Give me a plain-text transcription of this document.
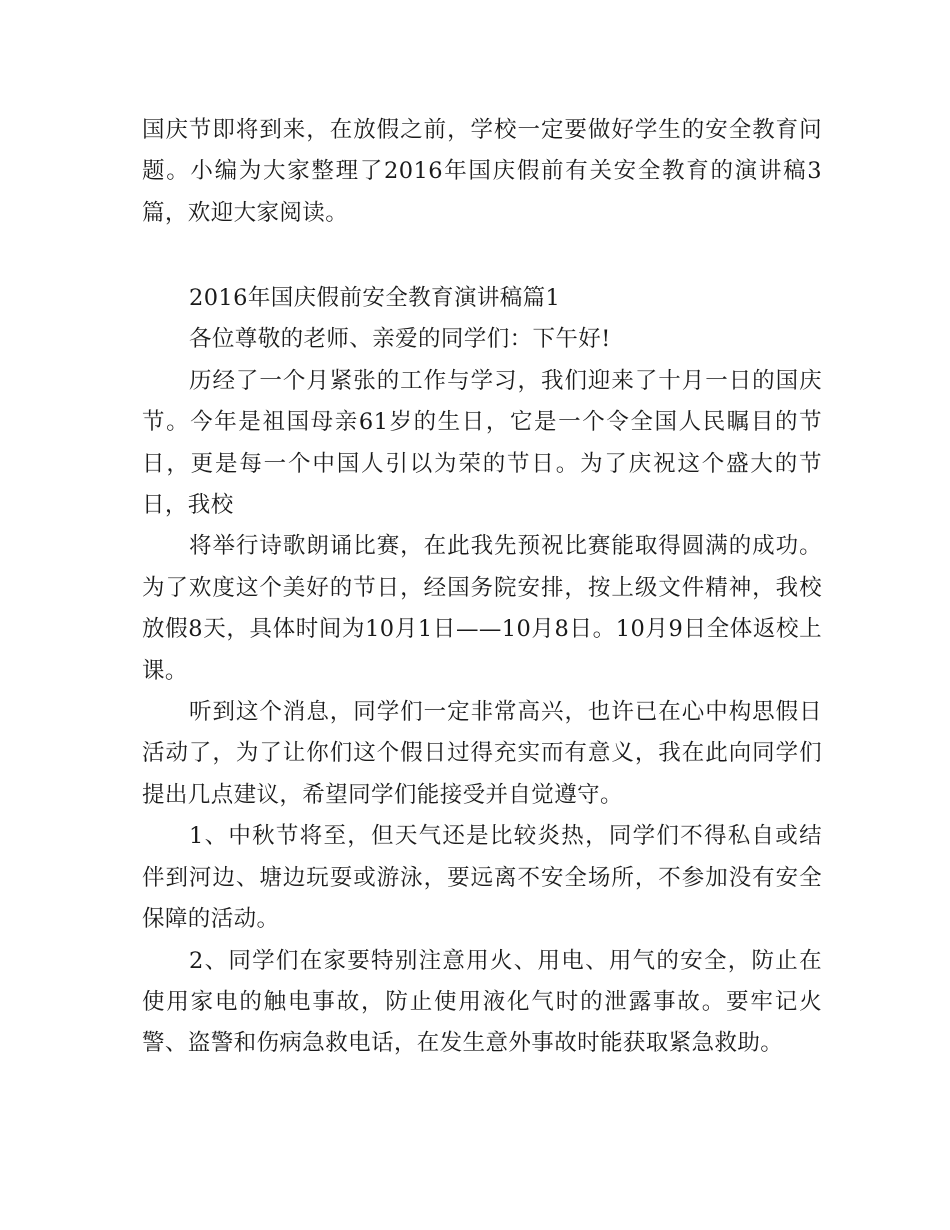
国庆节即将到来，在放假之前，学校一定要做好学生的安全教育问题。小编为大家整理了2016年国庆假前有关安全教育的演讲稿3篇，欢迎大家阅读。

2016年国庆假前安全教育演讲稿篇1

各位尊敬的老师、亲爱的同学们：下午好!

历经了一个月紧张的工作与学习，我们迎来了十月一日的国庆节。今年是祖国母亲61岁的生日，它是一个令全国人民瞩目的节日，更是每一个中国人引以为荣的节日。为了庆祝这个盛大的节日，我校

将举行诗歌朗诵比赛，在此我先预祝比赛能取得圆满的成功。为了欢度这个美好的节日，经国务院安排，按上级文件精神，我校放假8天，具体时间为10月1日——10月8日。10月9日全体返校上课。

听到这个消息，同学们一定非常高兴，也许已在心中构思假日活动了，为了让你们这个假日过得充实而有意义，我在此向同学们提出几点建议，希望同学们能接受并自觉遵守。

1、中秋节将至，但天气还是比较炎热，同学们不得私自或结伴到河边、塘边玩耍或游泳，要远离不安全场所，不参加没有安全保障的活动。

2、同学们在家要特别注意用火、用电、用气的安全，防止在使用家电的触电事故，防止使用液化气时的泄露事故。要牢记火警、盗警和伤病急救电话，在发生意外事故时能获取紧急救助。
